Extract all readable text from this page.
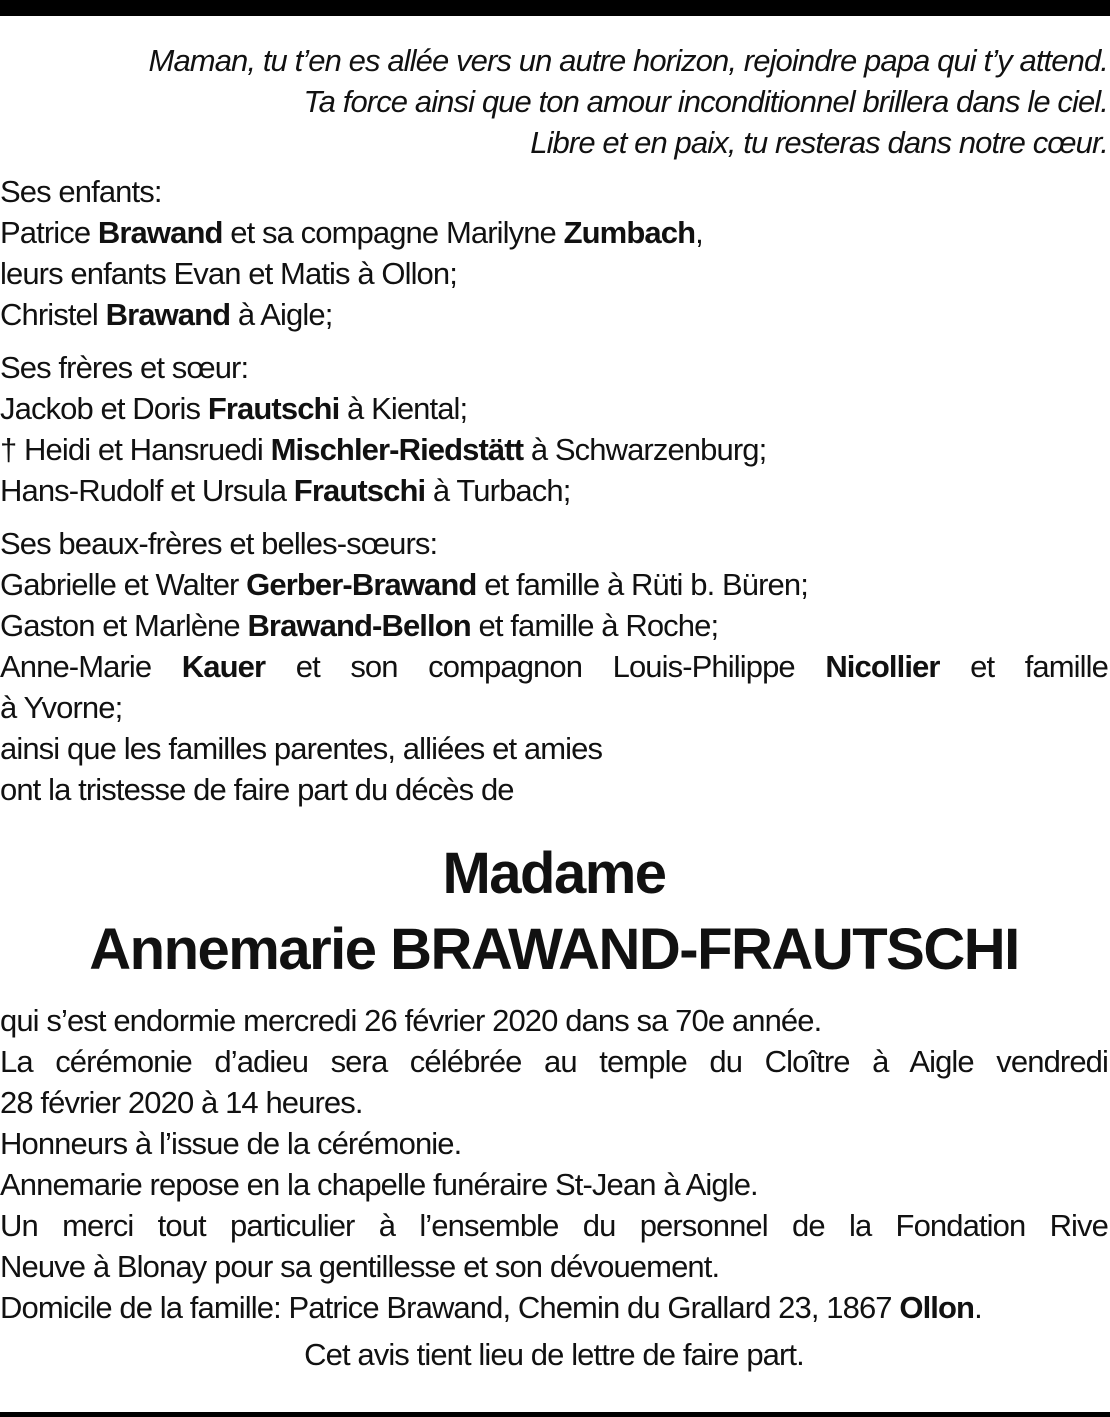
Maman, tu t’en es allée vers un autre horizon, rejoindre papa qui t’y attend.
Ta force ainsi que ton amour inconditionnel brillera dans le ciel.
Libre et en paix, tu resteras dans notre cœur.
Ses enfants:
Patrice Brawand et sa compagne Marilyne Zumbach,
leurs enfants Evan et Matis à Ollon;
Christel Brawand à Aigle;
Ses frères et sœur:
Jackob et Doris Frautschi à Kiental;
† Heidi et Hansruedi Mischler-Riedstätt à Schwarzenburg;
Hans-Rudolf et Ursula Frautschi à Turbach;
Ses beaux-frères et belles-sœurs:
Gabrielle et Walter Gerber-Brawand et famille à Rüti b. Büren;
Gaston et Marlène Brawand-Bellon et famille à Roche;
Anne-Marie Kauer et son compagnon Louis-Philippe Nicollier et famille
à Yvorne;
ainsi que les familles parentes, alliées et amies
ont la tristesse de faire part du décès de
Madame
Annemarie BRAWAND-FRAUTSCHI
qui s’est endormie mercredi 26 février 2020 dans sa 70e année.
La cérémonie d’adieu sera célébrée au temple du Cloître à Aigle vendredi
28 février 2020 à 14 heures.
Honneurs à l’issue de la cérémonie.
Annemarie repose en la chapelle funéraire St-Jean à Aigle.
Un merci tout particulier à l’ensemble du personnel de la Fondation Rive
Neuve à Blonay pour sa gentillesse et son dévouement.
Domicile de la famille: Patrice Brawand, Chemin du Grallard 23, 1867 Ollon.
Cet avis tient lieu de lettre de faire part.
